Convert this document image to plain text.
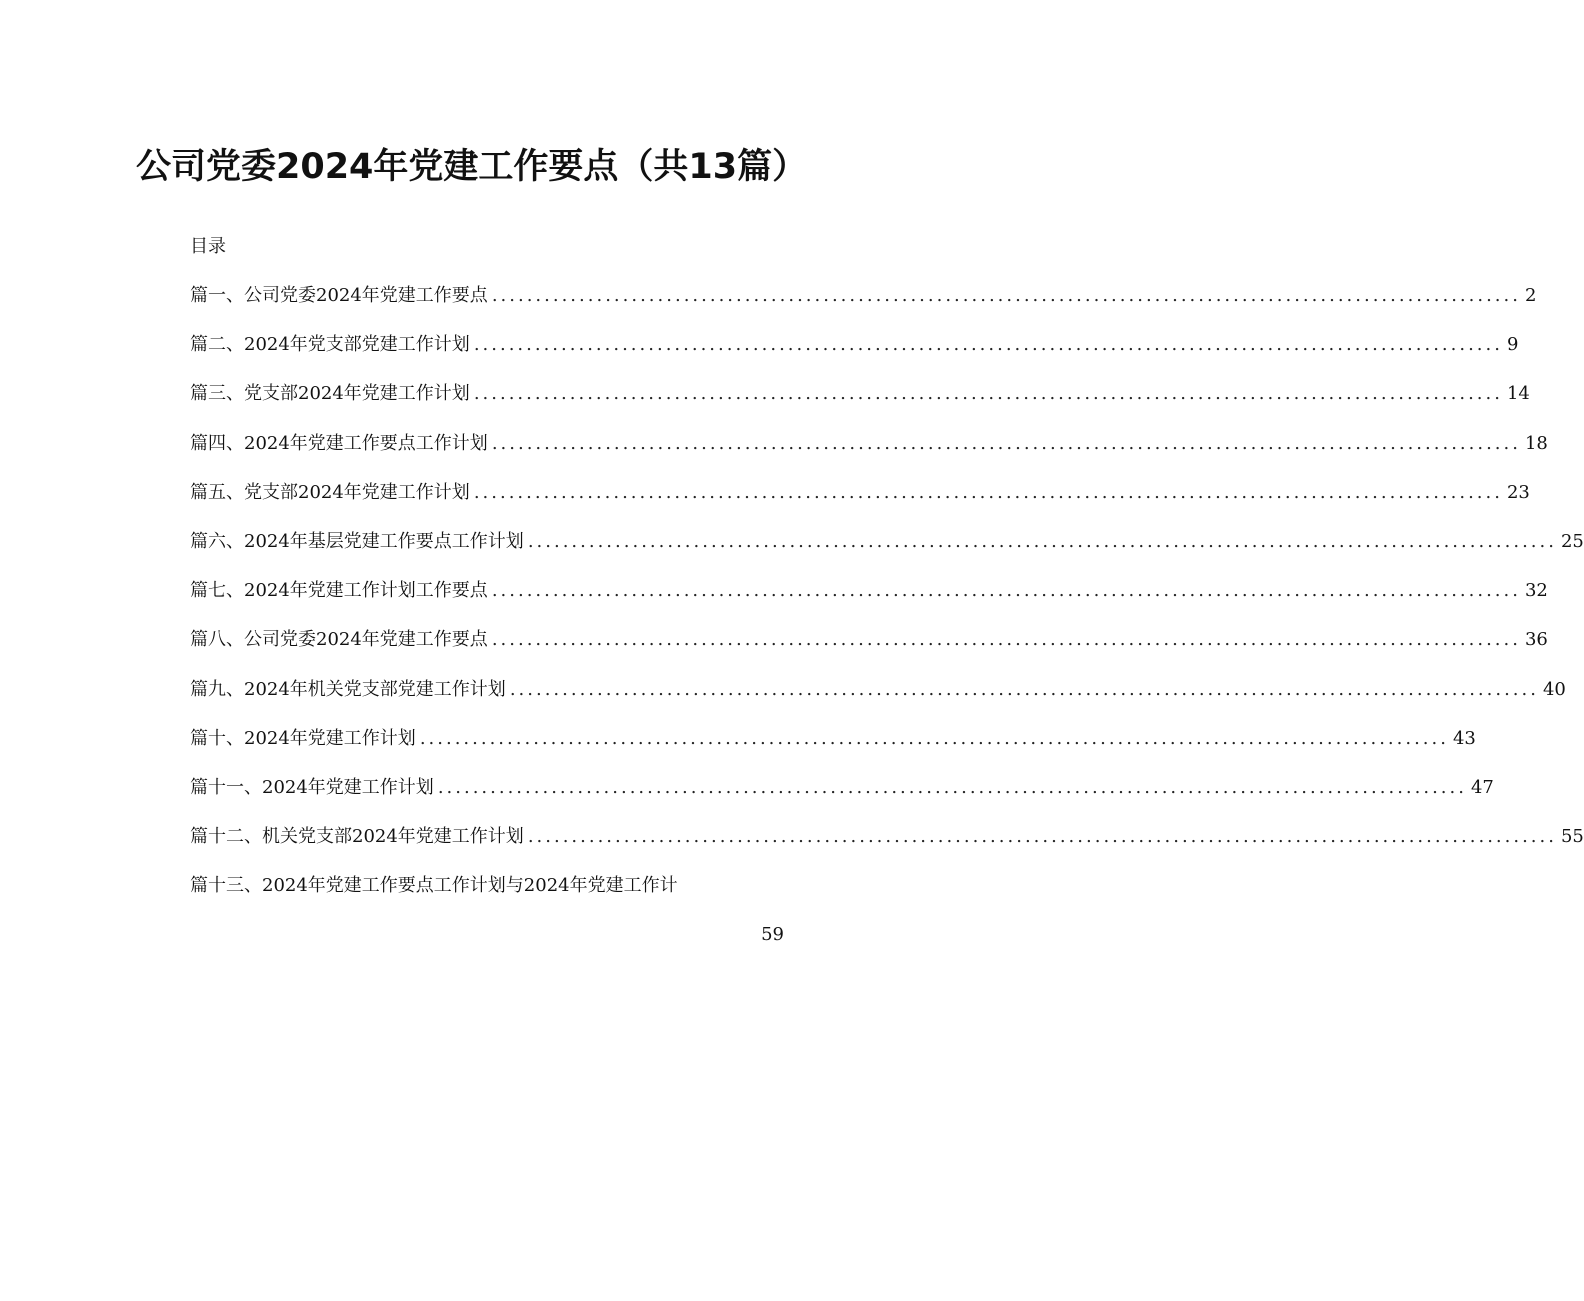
公司党委2024年党建工作要点（共13篇）
目录
篇一、公司党委2024年党建工作要点 ...................................................................................................................... 2
篇二、2024年党支部党建工作计划 ...................................................................................................................... 9
篇三、党支部2024年党建工作计划 ...................................................................................................................... 14
篇四、2024年党建工作要点工作计划 ...................................................................................................................... 18
篇五、党支部2024年党建工作计划 ...................................................................................................................... 23
篇六、2024年基层党建工作要点工作计划 ...................................................................................................................... 25
篇七、2024年党建工作计划工作要点 ...................................................................................................................... 32
篇八、公司党委2024年党建工作要点 ...................................................................................................................... 36
篇九、2024年机关党支部党建工作计划 ...................................................................................................................... 40
篇十、2024年党建工作计划 ...................................................................................................................... 43
篇十一、2024年党建工作计划 ...................................................................................................................... 47
篇十二、机关党支部2024年党建工作计划 ...................................................................................................................... 55
篇十三、2024年党建工作要点工作计划与2024年党建工作计
59
